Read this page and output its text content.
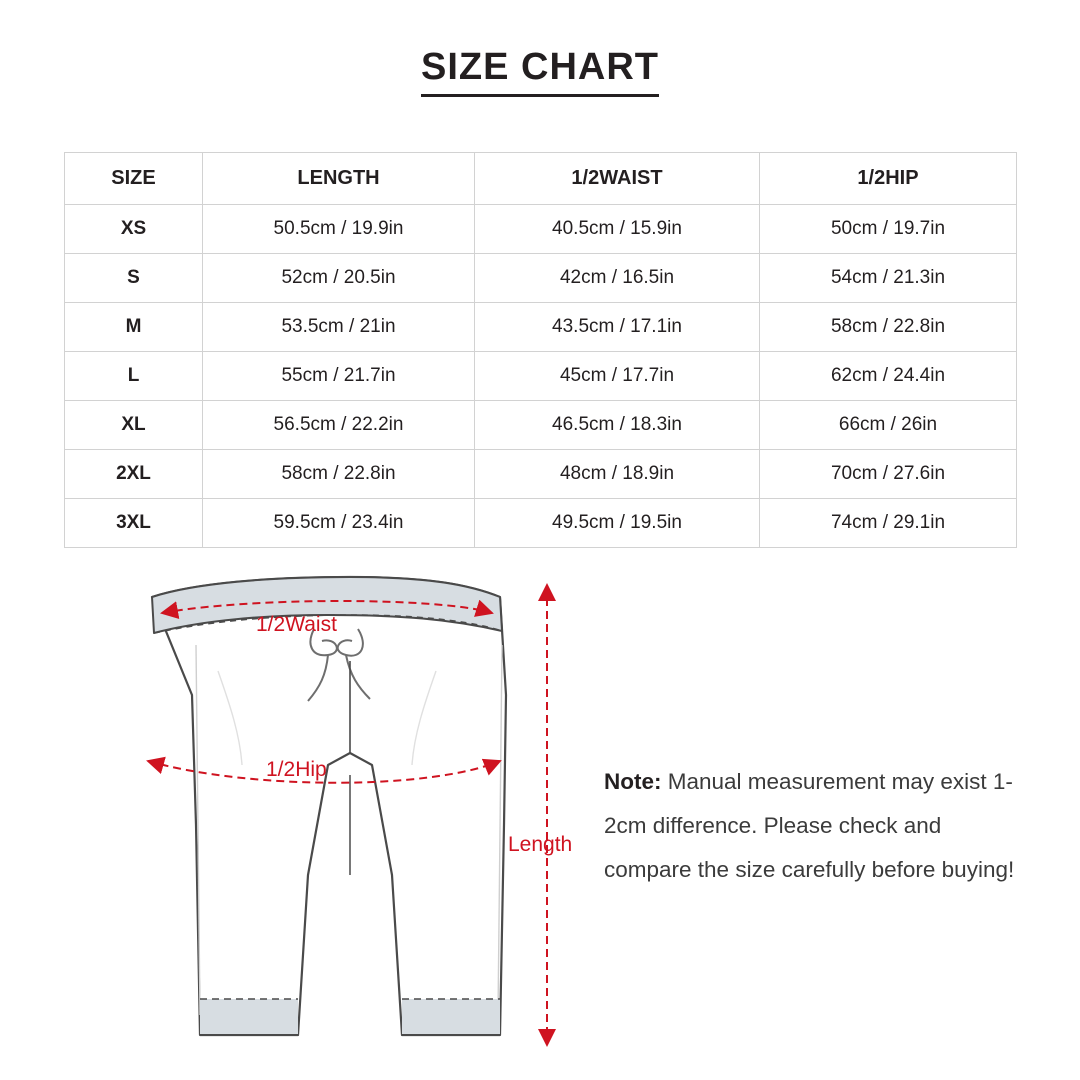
SIZE CHART
SIZE	LENGTH	1/2WAIST	1/2HIP
XS	50.5cm / 19.9in	40.5cm / 15.9in	50cm / 19.7in
S	52cm / 20.5in	42cm / 16.5in	54cm / 21.3in
M	53.5cm / 21in	43.5cm / 17.1in	58cm / 22.8in
L	55cm / 21.7in	45cm / 17.7in	62cm / 24.4in
XL	56.5cm / 22.2in	46.5cm / 18.3in	66cm / 26in
2XL	58cm / 22.8in	48cm / 18.9in	70cm / 27.6in
3XL	59.5cm / 23.4in	49.5cm / 19.5in	74cm / 29.1in
1/2Waist
1/2Hip
Length
Note: Manual measurement may exist 1-2cm difference. Please check and compare the size carefully before buying!
